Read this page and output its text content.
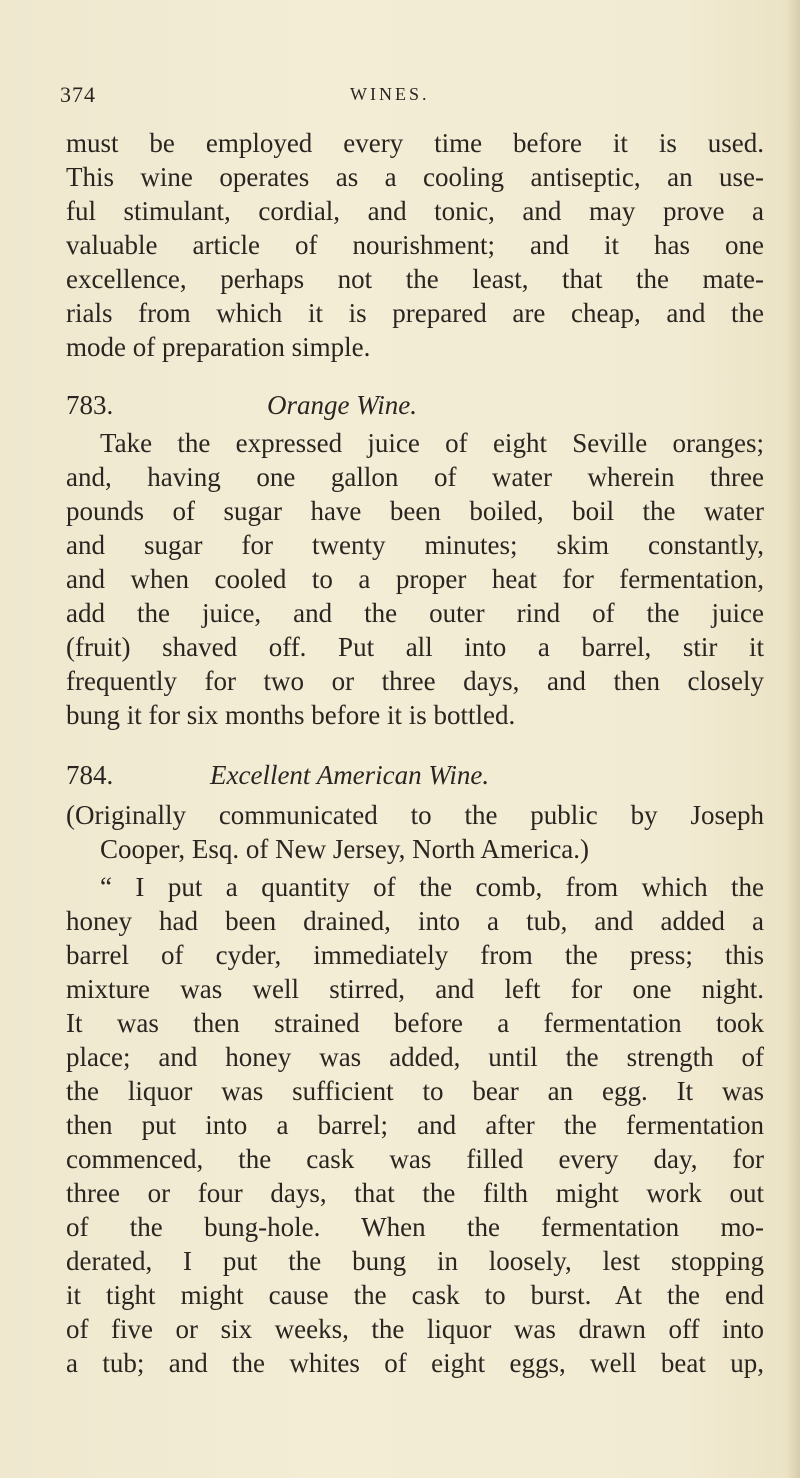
374	WINES.
must be employed every time before it is used.
This wine operates as a cooling antiseptic, an use-
ful stimulant, cordial, and tonic, and may prove a
valuable article of nourishment; and it has one
excellence, perhaps not the least, that the mate-
rials from which it is prepared are cheap, and the
mode of preparation simple.
783.	Orange Wine.
Take the expressed juice of eight Seville oranges;
and, having one gallon of water wherein three
pounds of sugar have been boiled, boil the water
and sugar for twenty minutes; skim constantly,
and when cooled to a proper heat for fermentation,
add the juice, and the outer rind of the juice
(fruit) shaved off. Put all into a barrel, stir it
frequently for two or three days, and then closely
bung it for six months before it is bottled.
784.	Excellent American Wine.
(Originally communicated to the public by Joseph
Cooper, Esq. of New Jersey, North America.)
“ I put a quantity of the comb, from which the
honey had been drained, into a tub, and added a
barrel of cyder, immediately from the press; this
mixture was well stirred, and left for one night.
It was then strained before a fermentation took
place; and honey was added, until the strength of
the liquor was sufficient to bear an egg. It was
then put into a barrel; and after the fermentation
commenced, the cask was filled every day, for
three or four days, that the filth might work out
of the bung-hole. When the fermentation mo-
derated, I put the bung in loosely, lest stopping
it tight might cause the cask to burst. At the end
of five or six weeks, the liquor was drawn off into
a tub; and the whites of eight eggs, well beat up,
